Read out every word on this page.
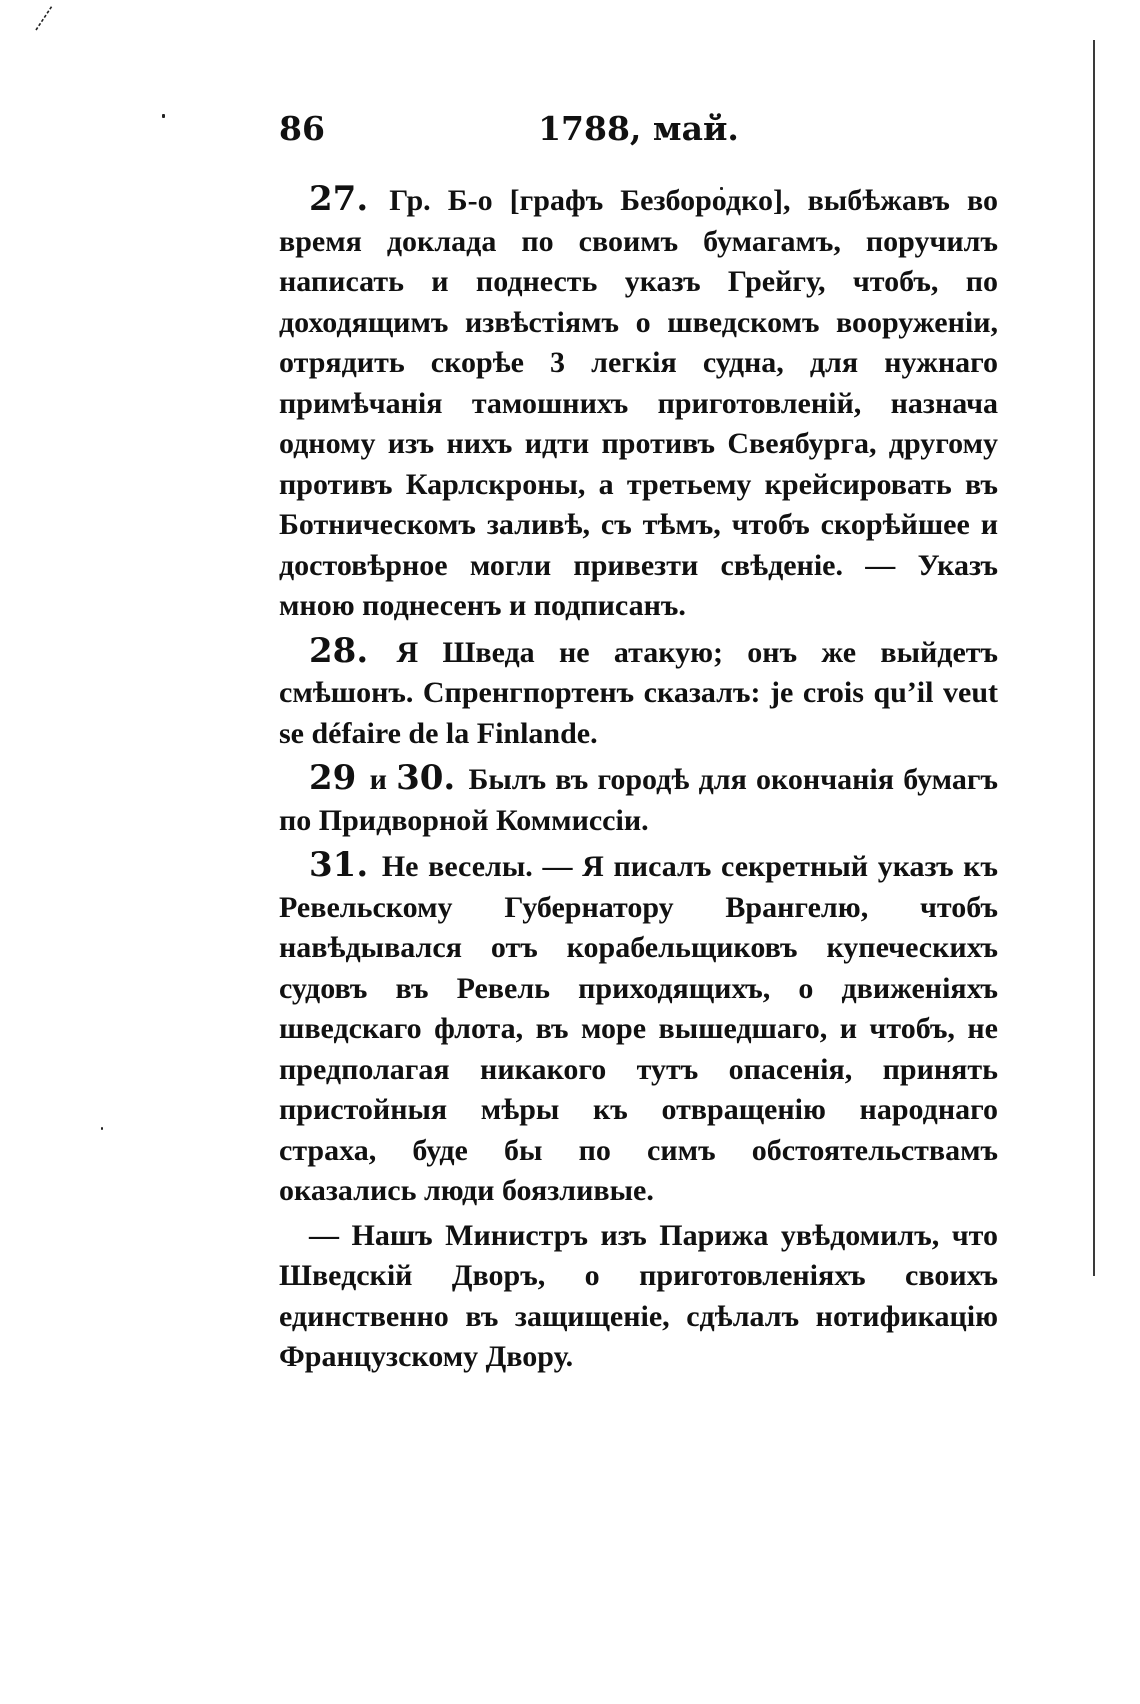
86	1788, май.

27. Гр. Б-о [графъ Безбородко], выбѣжавъ во время доклада по своимъ бумагамъ, поручилъ написать и поднесть указъ Грейгу, чтобъ, по доходящимъ извѣстіямъ о шведскомъ вооруженіи, отрядить скорѣе 3 легкія судна, для нужнаго примѣчанія тамошнихъ приготовленій, назнача одному изъ нихъ идти противъ Свеябурга, другому противъ Карлскроны, а третьему крейсировать въ Ботническомъ заливѣ, съ тѣмъ, чтобъ скорѣйшее и достовѣрное могли привезти свѣденіе. — Указъ мною поднесенъ и подписанъ.

28. Я Шведа не атакую; онъ же выйдетъ смѣшонъ. Спренгпортенъ сказалъ: je crois qu’il veut se défaire de la Finlande.

29 и 30. Былъ въ городѣ для окончанія бумагъ по Придворной Коммиссіи.

31. Не веселы. — Я писалъ секретный указъ къ Ревельскому Губернатору Врангелю, чтобъ навѣдывался отъ корабельщиковъ купеческихъ судовъ въ Ревель приходящихъ, о движеніяхъ шведскаго флота, въ море вышедшаго, и чтобъ, не предполагая никакого тутъ опасенія, принять пристойныя мѣры къ отвращенію народнаго страха, буде бы по симъ обстоятельствамъ оказались люди боязливые.

— Нашъ Министръ изъ Парижа увѣдомилъ, что Шведскій Дворъ, о приготовленіяхъ своихъ единственно въ защищеніе, сдѣлалъ нотификацію Французскому Двору.
